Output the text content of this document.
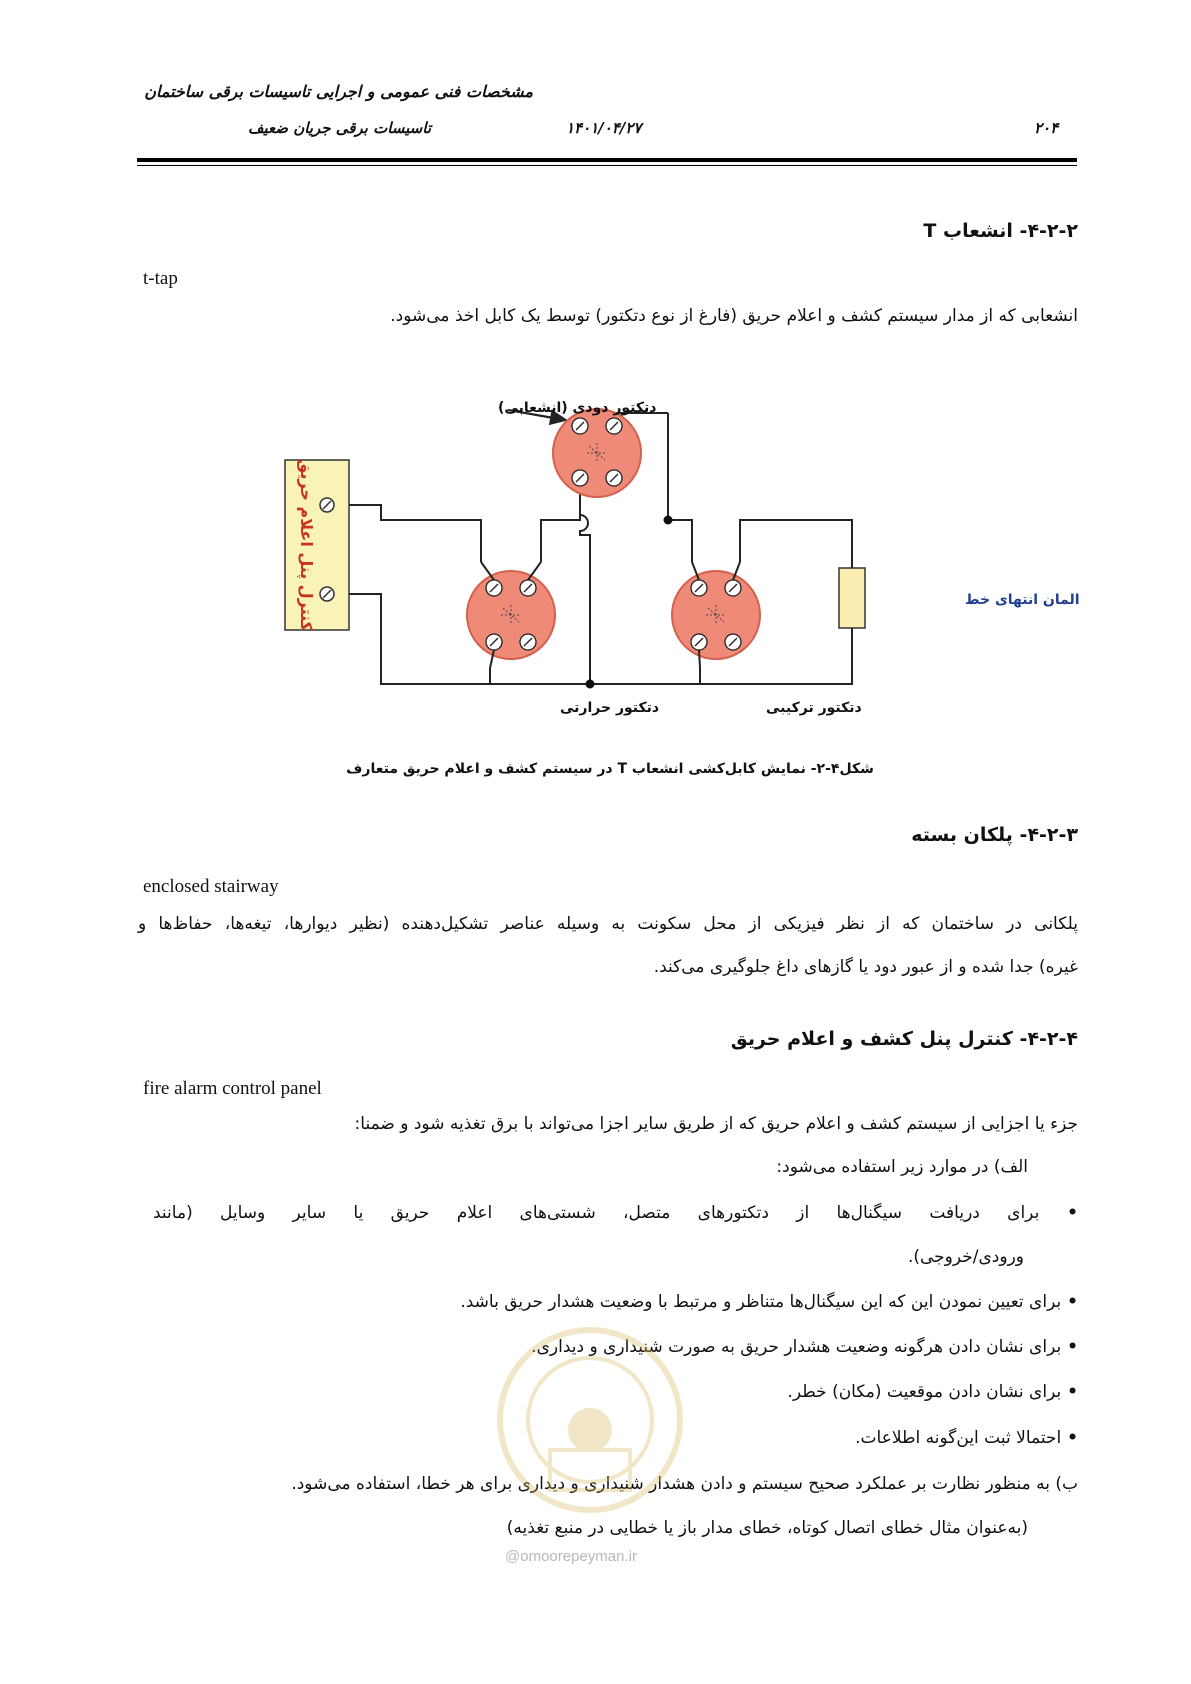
مشخصات فنی عمومی و اجرایی تاسیسات برقی ساختمان
تاسیسات برقی جریان ضعیف	۱۴۰۱/۰۴/۲۷	۲۰۴
۴-۲-۲- انشعاب T
t-tap
انشعابی که از مدار سیستم کشف و اعلام حریق (فارغ از نوع دتکتور) توسط یک کابل اخذ می‌شود.
کنترل پنل اعلام حریق	المان انتهای خط
دتکتور دودی (انشعابی)
دتکتور حرارتی	دتکتور ترکیبی
شکل۴-۲- نمایش کابل‌کشی انشعاب T در سیستم کشف و اعلام حریق متعارف
۴-۲-۳- پلکان بسته
enclosed stairway
پلکانی در ساختمان که از نظر فیزیکی از محل سکونت به وسیله عناصر تشکیل‌دهنده (نظیر دیوارها، تیغه‌ها، حفاظ‌ها و
غیره) جدا شده و از عبور دود یا گازهای داغ جلوگیری می‌کند.
۴-۲-۴- کنترل پنل کشف و اعلام حریق
fire alarm control panel
جزء یا اجزایی از سیستم کشف و اعلام حریق که از طریق سایر اجزا می‌تواند با برق تغذیه شود و ضمنا:
الف) در موارد زیر استفاده می‌شود:
• برای دریافت سیگنال‌ها از دتکتورهای متصل، شستی‌های اعلام حریق یا سایر وسایل (مانند
ورودی/خروجی).
• برای تعیین نمودن این که این سیگنال‌ها متناظر و مرتبط با وضعیت هشدار حریق باشد.
• برای نشان دادن هرگونه وضعیت هشدار حریق به صورت شنیداری و دیداری.
• برای نشان دادن موقعیت (مکان) خطر.
• احتمالا ثبت این‌گونه اطلاعات.
ب) به منظور نظارت بر عملکرد صحیح سیستم و دادن هشدار شنیداری و دیداری برای هر خطا، استفاده می‌شود.
(به‌عنوان مثال خطای اتصال کوتاه، خطای مدار باز یا خطایی در منبع تغذیه)
@omoorepeyman.ir
